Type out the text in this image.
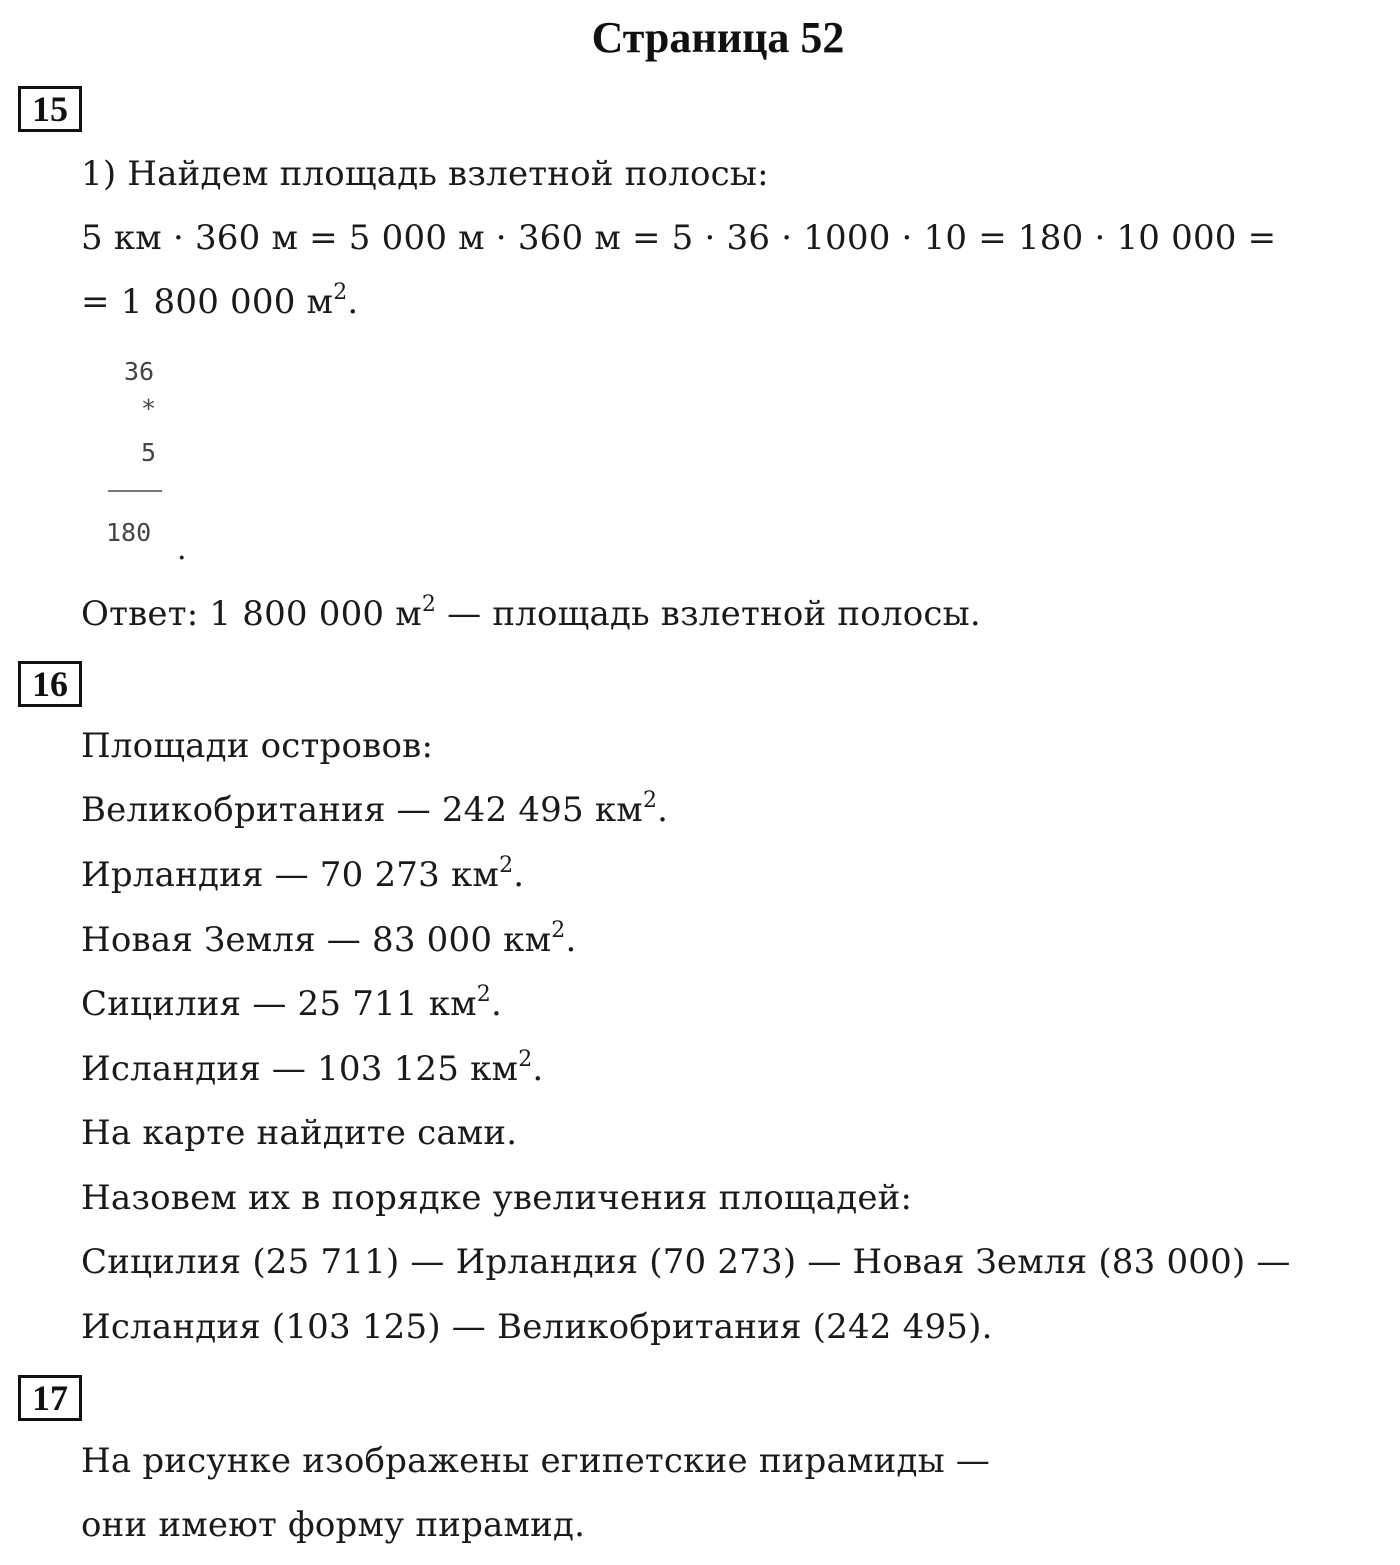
Страница 52
15
1) Найдем площадь взлетной полосы:
5 км · 360 м = 5 000 м · 360 м = 5 · 36 · 1000 · 10 = 180 · 10 000 =
= 1 800 000 $м^2$.
36
*
5
180 .
Ответ: 1 800 000 $м^2$ — площадь взлетной полосы.
16
Площади островов:
Великобритания — 242 495 $км^2$.
Ирландия — 70 273 $км^2$.
Новая Земля — 83 000 $км^2$.
Сицилия — 25 711 $км^2$.
Исландия — 103 125 $км^2$.
На карте найдите сами.
Назовем их в порядке увеличения площадей:
Сицилия (25 711) — Ирландия (70 273) — Новая Земля (83 000) —
Исландия (103 125) — Великобритания (242 495).
17
На рисунке изображены египетские пирамиды —
они имеют форму пирамид.
